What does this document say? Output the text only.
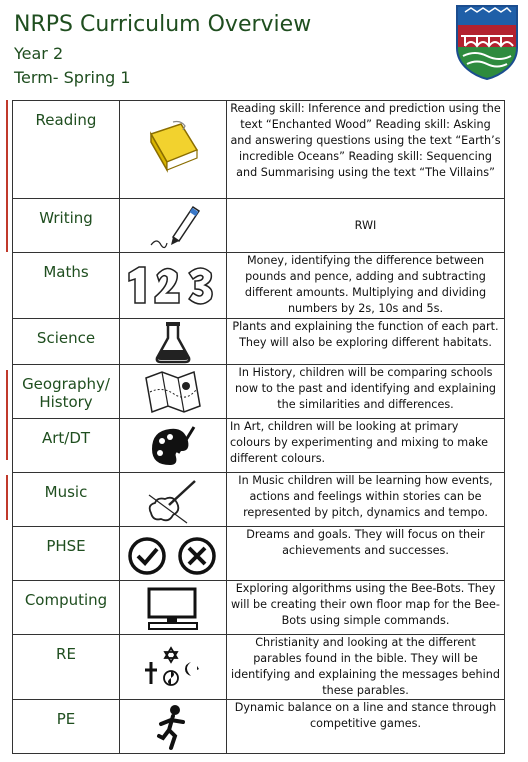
NRPS Curriculum Overview
Year 2
Term- Spring 1
Reading		Reading skill: Inference and prediction using the text “Enchanted Wood” Reading skill: Asking and answering questions using the text “Earth’s incredible Oceans” Reading skill: Sequencing and Summarising using the text “The Villains”
Writing		RWI
Maths		Money, identifying the difference between pounds and pence, adding and subtracting different amounts. Multiplying and dividing numbers by 2s, 10s and 5s.
Science		Plants and explaining the function of each part. They will also be exploring different habitats.
Geography/ History		In History, children will be comparing schools now to the past and identifying and explaining the similarities and differences.
Art/DT		In Art, children will be looking at primary colours by experimenting and mixing to make different colours.
Music		In Music children will be learning how events, actions and feelings within stories can be represented by pitch, dynamics and tempo.
PHSE		Dreams and goals. They will focus on their achievements and successes.
Computing		Exploring algorithms using the Bee-Bots. They will be creating their own floor map for the Bee-Bots using simple commands.
RE		Christianity and looking at the different parables found in the bible. They will be identifying and explaining the messages behind these parables.
PE		Dynamic balance on a line and stance through competitive games.
